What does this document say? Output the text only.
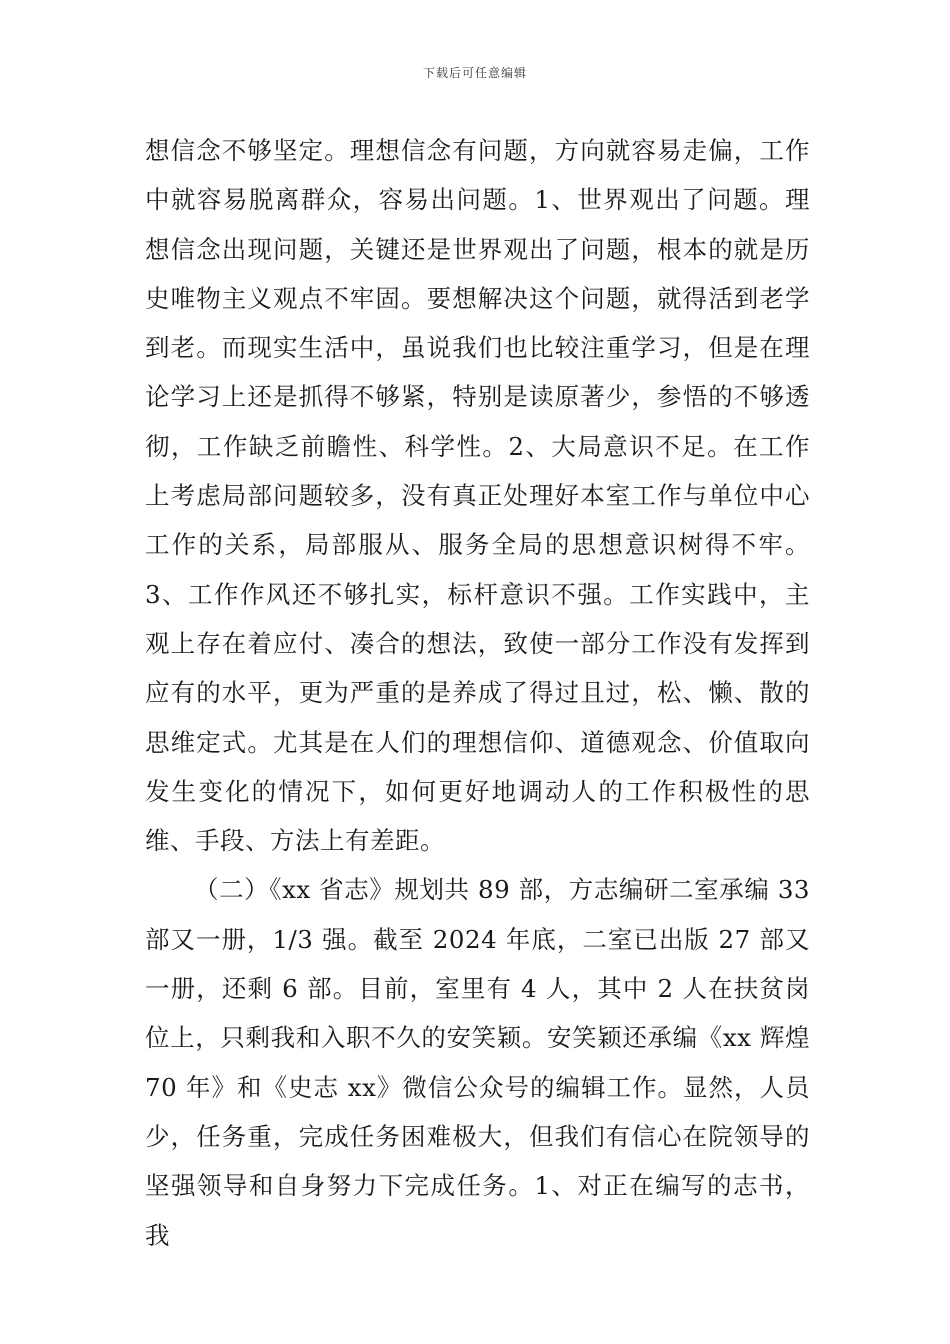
下载后可任意编辑

想信念不够坚定。理想信念有问题，方向就容易走偏，工作中就容易脱离群众，容易出问题。1、世界观出了问题。理想信念出现问题，关键还是世界观出了问题，根本的就是历史唯物主义观点不牢固。要想解决这个问题，就得活到老学到老。而现实生活中，虽说我们也比较注重学习，但是在理论学习上还是抓得不够紧，特别是读原著少，参悟的不够透彻，工作缺乏前瞻性、科学性。2、大局意识不足。在工作上考虑局部问题较多，没有真正处理好本室工作与单位中心工作的关系，局部服从、服务全局的思想意识树得不牢。3、工作作风还不够扎实，标杆意识不强。工作实践中，主观上存在着应付、凑合的想法，致使一部分工作没有发挥到应有的水平，更为严重的是养成了得过且过，松、懒、散的思维定式。尤其是在人们的理想信仰、道德观念、价值取向发生变化的情况下，如何更好地调动人的工作积极性的思维、手段、方法上有差距。

（二）《xx 省志》规划共 89 部，方志编研二室承编 33 部又一册，1/3 强。截至 2024 年底，二室已出版 27 部又一册，还剩 6 部。目前，室里有 4 人，其中 2 人在扶贫岗位上，只剩我和入职不久的安笑颖。安笑颖还承编《xx 辉煌 70 年》和《史志 xx》微信公众号的编辑工作。显然，人员少，任务重，完成任务困难极大，但我们有信心在院领导的坚强领导和自身努力下完成任务。1、对正在编写的志书，我
